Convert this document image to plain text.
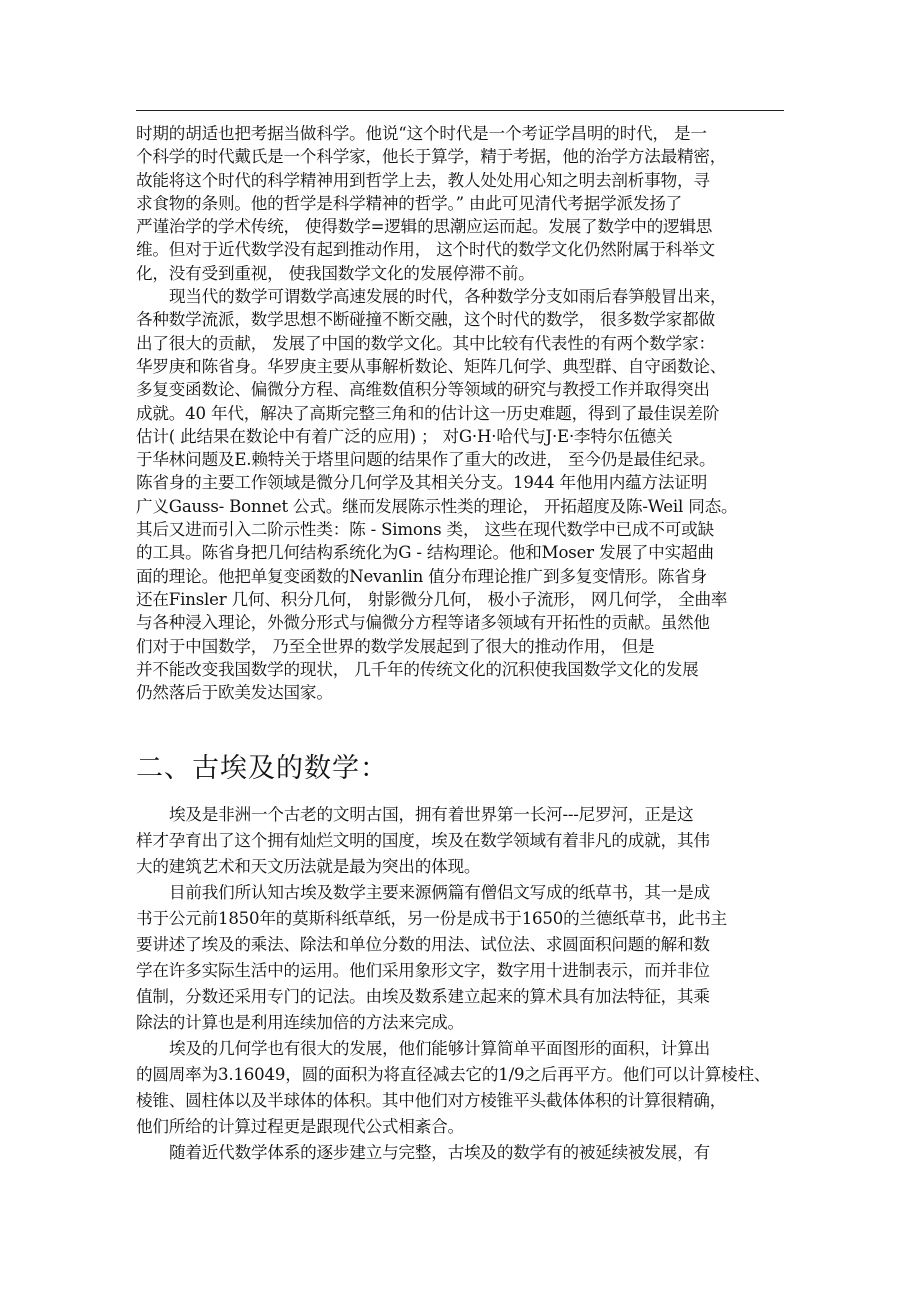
时期的胡适也把考据当做科学。他说“这个时代是一个考证学昌明的时代， 是一
个科学的时代戴氏是一个科学家，他长于算学，精于考据，他的治学方法最精密，
故能将这个时代的科学精神用到哲学上去，教人处处用心知之明去剖析事物，寻
求食物的条则。他的哲学是科学精神的哲学。” 由此可见清代考据学派发扬了
严谨治学的学术传统， 使得数学=逻辑的思潮应运而起。发展了数学中的逻辑思
维。但对于近代数学没有起到推动作用， 这个时代的数学文化仍然附属于科举文
化，没有受到重视， 使我国数学文化的发展停滞不前。

现当代的数学可谓数学高速发展的时代，各种数学分支如雨后春笋般冒出来，
各种数学流派，数学思想不断碰撞不断交融，这个时代的数学， 很多数学家都做
出了很大的贡献， 发展了中国的数学文化。其中比较有代表性的有两个数学家：
华罗庚和陈省身。华罗庚主要从事解析数论、矩阵几何学、典型群、自守函数论、
多复变函数论、偏微分方程、高维数值积分等领域的研究与教授工作并取得突出
成就。40 年代，解决了高斯完整三角和的估计这一历史难题，得到了最佳误差阶
估计( 此结果在数论中有着广泛的应用) ； 对G·H·哈代与J·E·李特尔伍德关
于华林问题及E.赖特关于塔里问题的结果作了重大的改进， 至今仍是最佳纪录。
陈省身的主要工作领域是微分几何学及其相关分支。1944 年他用内蕴方法证明
广义Gauss- Bonnet 公式。继而发展陈示性类的理论， 开拓超度及陈-Weil 同态。
其后又进而引入二阶示性类：陈 - Simons 类， 这些在现代数学中已成不可或缺
的工具。陈省身把几何结构系统化为G - 结构理论。他和Moser 发展了中实超曲
面的理论。他把单复变函数的Nevanlin 值分布理论推广到多复变情形。陈省身
还在Finsler 几何、积分几何， 射影微分几何， 极小子流形， 网几何学， 全曲率
与各种浸入理论，外微分形式与偏微分方程等诸多领域有开拓性的贡献。虽然他
们对于中国数学， 乃至全世界的数学发展起到了很大的推动作用， 但是
并不能改变我国数学的现状， 几千年的传统文化的沉积使我国数学文化的发展
仍然落后于欧美发达国家。

二、古埃及的数学：

埃及是非洲一个古老的文明古国，拥有着世界第一长河---尼罗河，正是这
样才孕育出了这个拥有灿烂文明的国度，埃及在数学领域有着非凡的成就，其伟
大的建筑艺术和天文历法就是最为突出的体现。

目前我们所认知古埃及数学主要来源俩篇有僧侣文写成的纸草书，其一是成
书于公元前1850年的莫斯科纸草纸，另一份是成书于1650的兰德纸草书，此书主
要讲述了埃及的乘法、除法和单位分数的用法、试位法、求圆面积问题的解和数
学在许多实际生活中的运用。他们采用象形文字，数字用十进制表示，而并非位
值制，分数还采用专门的记法。由埃及数系建立起来的算术具有加法特征，其乘
除法的计算也是利用连续加倍的方法来完成。

埃及的几何学也有很大的发展，他们能够计算简单平面图形的面积，计算出
的圆周率为3.16049，圆的面积为将直径减去它的1/9之后再平方。他们可以计算棱柱、
棱锥、圆柱体以及半球体的体积。其中他们对方棱锥平头截体体积的计算很精确，
他们所给的计算过程更是跟现代公式相紊合。

随着近代数学体系的逐步建立与完整，古埃及的数学有的被延续被发展，有
